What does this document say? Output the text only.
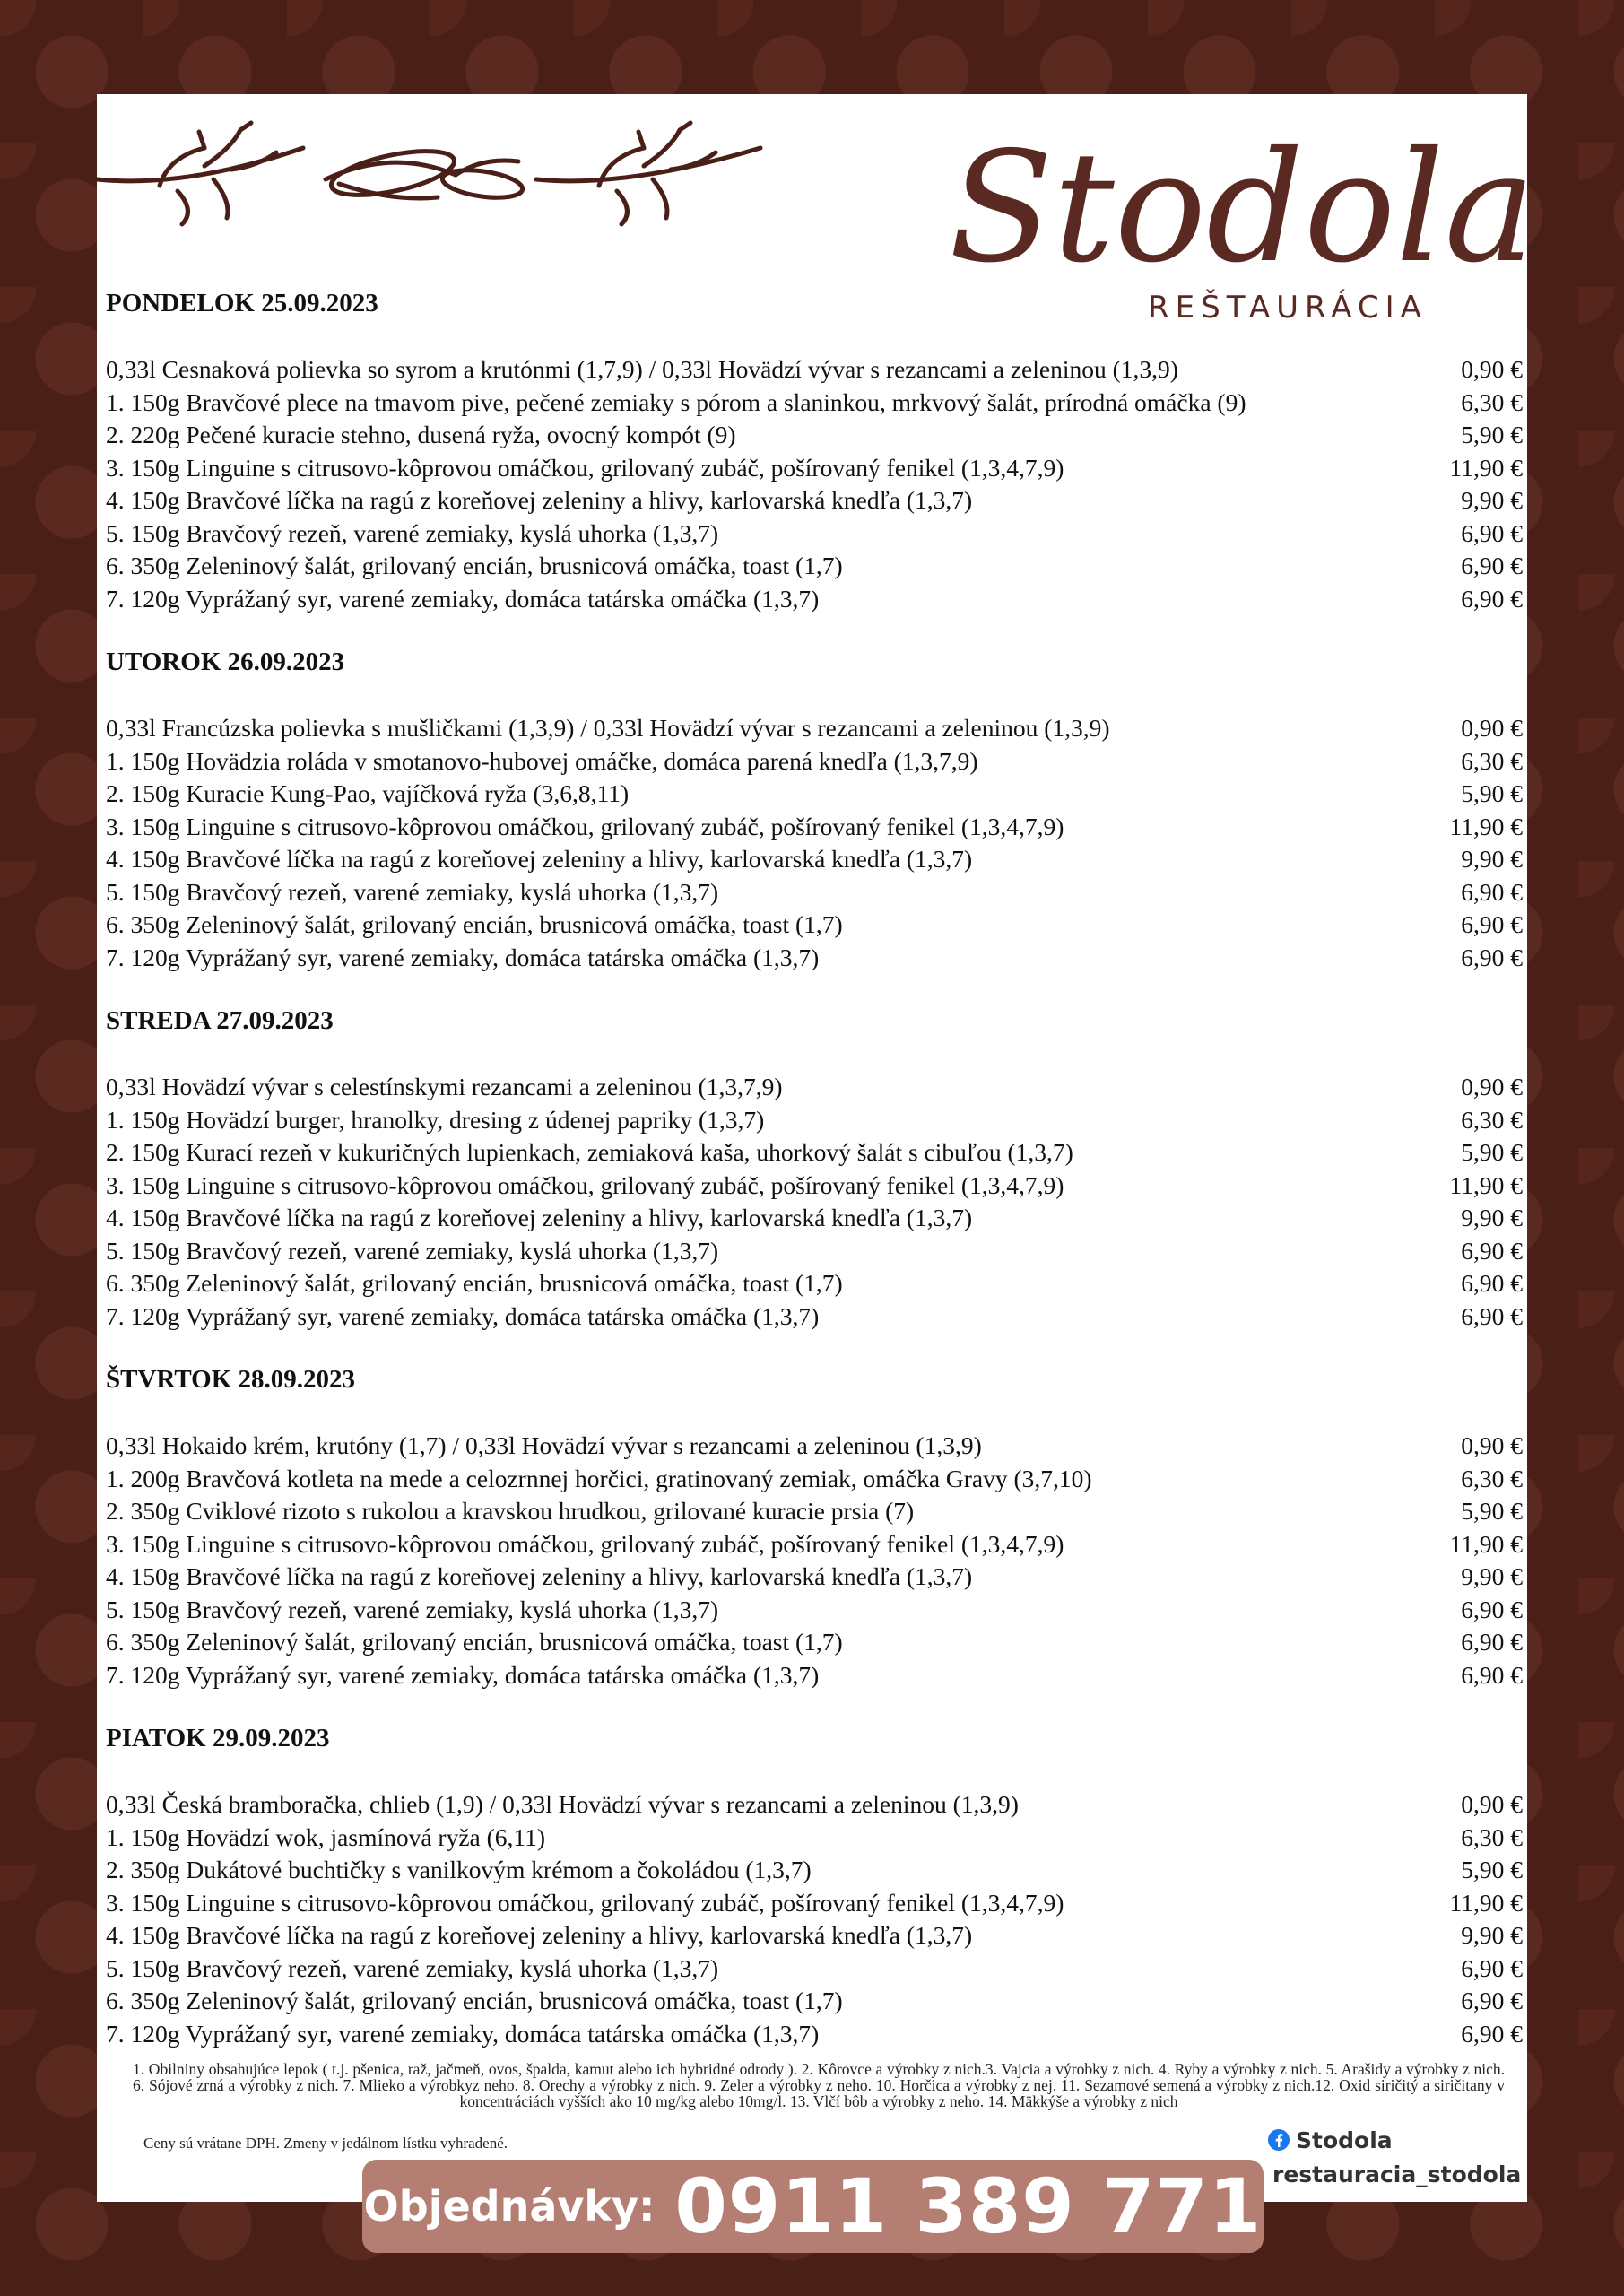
Stodola
REŠTAURÁCIA
PONDELOK 25.09.2023
0,33l Cesnaková polievka so syrom a krutónmi (1,7,9) / 0,33l Hovädzí vývar s rezancami a zeleninou (1,3,9)	0,90 €
1. 150g Bravčové plece na tmavom pive, pečené zemiaky s pórom a slaninkou, mrkvový šalát, prírodná omáčka (9)	6,30 €
2. 220g Pečené kuracie stehno, dusená ryža, ovocný kompót (9)	5,90 €
3. 150g Linguine s citrusovo-kôprovou omáčkou, grilovaný zubáč, pošírovaný fenikel (1,3,4,7,9)	11,90 €
4. 150g Bravčové líčka na ragú z koreňovej zeleniny a hlivy, karlovarská knedľa (1,3,7)	9,90 €
5. 150g Bravčový rezeň, varené zemiaky, kyslá uhorka (1,3,7)	6,90 €
6. 350g Zeleninový šalát, grilovaný encián, brusnicová omáčka, toast (1,7)	6,90 €
7. 120g Vyprážaný syr, varené zemiaky, domáca tatárska omáčka (1,3,7)	6,90 €
UTOROK 26.09.2023
0,33l Francúzska polievka s mušličkami (1,3,9) / 0,33l Hovädzí vývar s rezancami a zeleninou (1,3,9)	0,90 €
1. 150g Hovädzia roláda v smotanovo-hubovej omáčke, domáca parená knedľa (1,3,7,9)	6,30 €
2. 150g Kuracie Kung-Pao, vajíčková ryža (3,6,8,11)	5,90 €
3. 150g Linguine s citrusovo-kôprovou omáčkou, grilovaný zubáč, pošírovaný fenikel (1,3,4,7,9)	11,90 €
4. 150g Bravčové líčka na ragú z koreňovej zeleniny a hlivy, karlovarská knedľa (1,3,7)	9,90 €
5. 150g Bravčový rezeň, varené zemiaky, kyslá uhorka (1,3,7)	6,90 €
6. 350g Zeleninový šalát, grilovaný encián, brusnicová omáčka, toast (1,7)	6,90 €
7. 120g Vyprážaný syr, varené zemiaky, domáca tatárska omáčka (1,3,7)	6,90 €
STREDA 27.09.2023
0,33l Hovädzí vývar s celestínskymi rezancami a zeleninou (1,3,7,9)	0,90 €
1. 150g Hovädzí burger, hranolky, dresing z údenej papriky (1,3,7)	6,30 €
2. 150g Kurací rezeň v kukuričných lupienkach, zemiaková kaša, uhorkový šalát s cibuľou (1,3,7)	5,90 €
3. 150g Linguine s citrusovo-kôprovou omáčkou, grilovaný zubáč, pošírovaný fenikel (1,3,4,7,9)	11,90 €
4. 150g Bravčové líčka na ragú z koreňovej zeleniny a hlivy, karlovarská knedľa (1,3,7)	9,90 €
5. 150g Bravčový rezeň, varené zemiaky, kyslá uhorka (1,3,7)	6,90 €
6. 350g Zeleninový šalát, grilovaný encián, brusnicová omáčka, toast (1,7)	6,90 €
7. 120g Vyprážaný syr, varené zemiaky, domáca tatárska omáčka (1,3,7)	6,90 €
ŠTVRTOK 28.09.2023
0,33l Hokaido krém, krutóny (1,7) / 0,33l Hovädzí vývar s rezancami a zeleninou (1,3,9)	0,90 €
1. 200g Bravčová kotleta na mede a celozrnnej horčici, gratinovaný zemiak, omáčka Gravy (3,7,10)	6,30 €
2. 350g Cviklové rizoto s rukolou a kravskou hrudkou, grilované kuracie prsia (7)	5,90 €
3. 150g Linguine s citrusovo-kôprovou omáčkou, grilovaný zubáč, pošírovaný fenikel (1,3,4,7,9)	11,90 €
4. 150g Bravčové líčka na ragú z koreňovej zeleniny a hlivy, karlovarská knedľa (1,3,7)	9,90 €
5. 150g Bravčový rezeň, varené zemiaky, kyslá uhorka (1,3,7)	6,90 €
6. 350g Zeleninový šalát, grilovaný encián, brusnicová omáčka, toast (1,7)	6,90 €
7. 120g Vyprážaný syr, varené zemiaky, domáca tatárska omáčka (1,3,7)	6,90 €
PIATOK 29.09.2023
0,33l Česká bramboračka, chlieb (1,9) / 0,33l Hovädzí vývar s rezancami a zeleninou (1,3,9)	0,90 €
1. 150g Hovädzí wok, jasmínová ryža (6,11)	6,30 €
2. 350g Dukátové buchtičky s vanilkovým krémom a čokoládou (1,3,7)	5,90 €
3. 150g Linguine s citrusovo-kôprovou omáčkou, grilovaný zubáč, pošírovaný fenikel (1,3,4,7,9)	11,90 €
4. 150g Bravčové líčka na ragú z koreňovej zeleniny a hlivy, karlovarská knedľa (1,3,7)	9,90 €
5. 150g Bravčový rezeň, varené zemiaky, kyslá uhorka (1,3,7)	6,90 €
6. 350g Zeleninový šalát, grilovaný encián, brusnicová omáčka, toast (1,7)	6,90 €
7. 120g Vyprážaný syr, varené zemiaky, domáca tatárska omáčka (1,3,7)	6,90 €
1. Obilniny obsahujúce lepok ( t.j. pšenica, raž, jačmeň, ovos, špalda, kamut alebo ich hybridné odrody ). 2. Kôrovce a výrobky z nich.3. Vajcia a výrobky z nich. 4. Ryby a výrobky z nich. 5. Arašidy a výrobky z nich. 6. Sójové zrná a výrobky z nich. 7. Mlieko a výrobkyz neho. 8. Orechy a výrobky z nich. 9. Zeler a výrobky z neho. 10. Horčica a výrobky z nej. 11. Sezamové semená a výrobky z nich.12. Oxid siričitý a siričitany v koncentráciách vyšších ako 10 mg/kg alebo 10mg/l. 13. Vlčí bôb a výrobky z neho. 14. Mäkkýše a výrobky z nich
Ceny sú vrátane DPH. Zmeny v jedálnom lístku vyhradené.	Stodola
restauracia_stodola
Objednávky: 0911 389 771
